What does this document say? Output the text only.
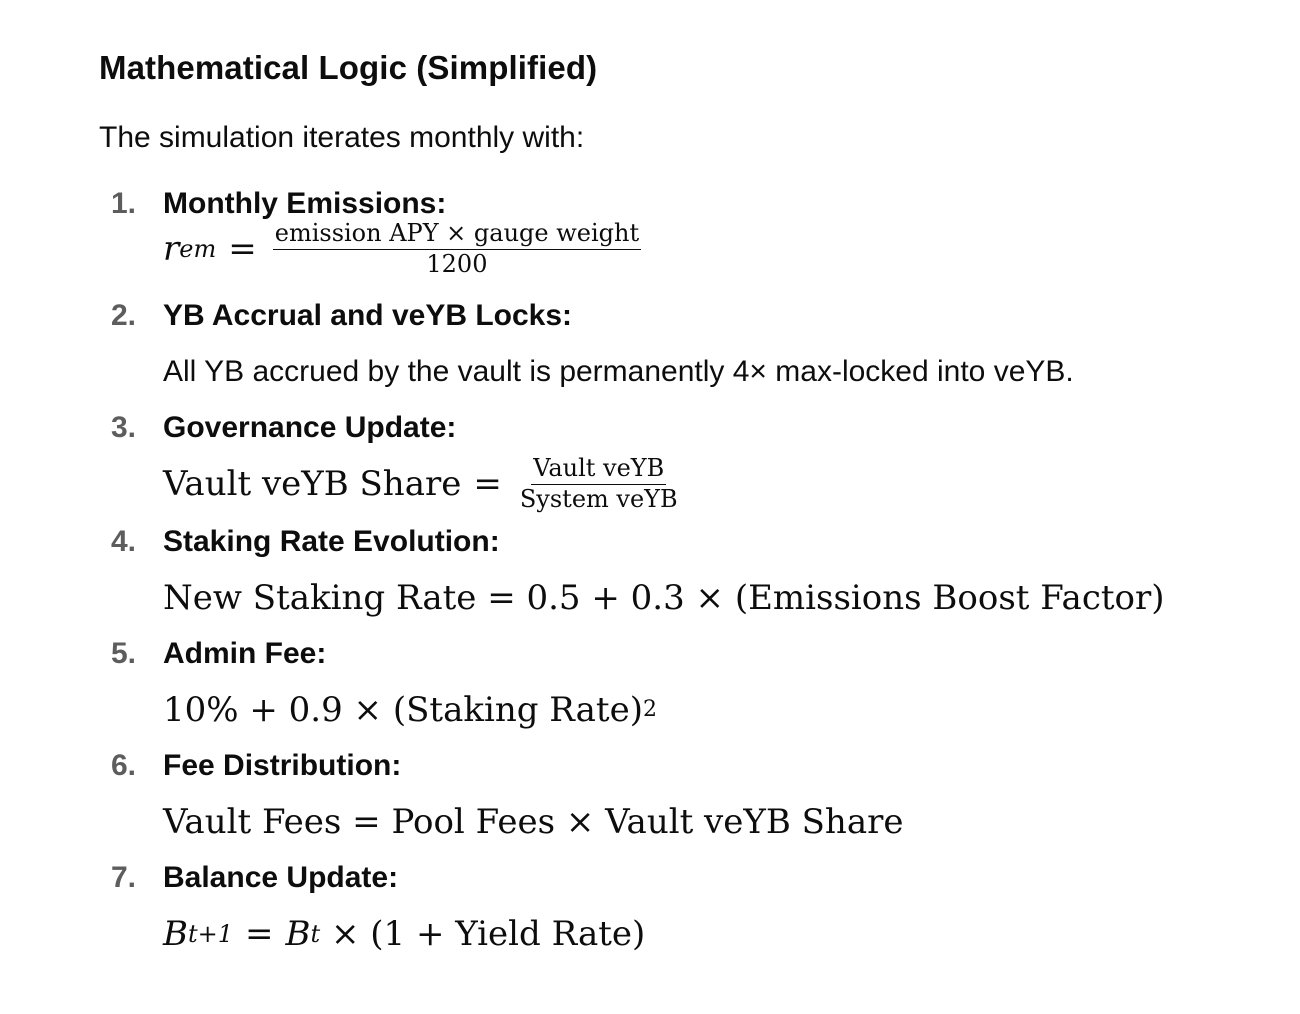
Mathematical Logic (Simplified)

The simulation iterates monthly with:

1. Monthly Emissions:
r em = $\frac{\text{emission APY × gauge weight}}{1200}$
2. YB Accrual and veYB Locks:
All YB accrued by the vault is permanently 4× max-locked into veYB.
3. Governance Update:
Vault veYB Share = $\frac{\text{Vault veYB}}{\text{System veYB}}$
4. Staking Rate Evolution:
New Staking Rate = 0.5 + 0.3 × (Emissions Boost Factor)
5. Admin Fee:
10% + 0.9 × (Staking Rate) 2
6. Fee Distribution:
Vault Fees = Pool Fees × Vault veYB Share
7. Balance Update:
B t+1 = B t
× (1 + Yield Rate)
